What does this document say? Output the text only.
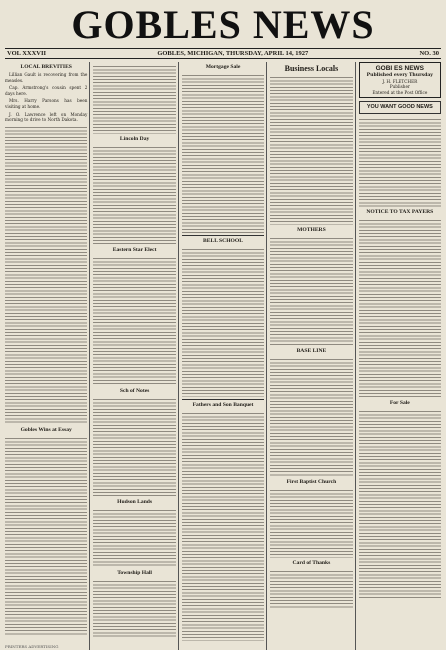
GOBLES NEWS
VOL XXXVII	GOBLES, MICHIGAN, THURSDAY, APRIL 14, 1927	NO. 30
LOCAL BREVITIES
Lillian Gault is recovering from the measles.
Cap. Armstrong's cousin spent 2 days here.
Mrs. Harry Parsons has been visiting at home.
J. O. Lawrence left on Monday morning to drive to North Dakota.
Gobles Wins at Essay
Lincoln Day
Eastern Star Elect
Sch of Notes
Hudson Lands
Township Hall
Mortgage Sale
BELL SCHOOL
Fathers and Son Banquet
Business Locals
MOTHERS
BASE LINE
First Baptist Church
Card of Thanks
GOBI ES NEWS
Published every Thursday
J. H. FLETCHER
Publisher
Entered at the Post Office
YOU WANT GOOD NEWS
NOTICE TO TAX PAYERS
For Sale
PRINTERS ADVERTISING
